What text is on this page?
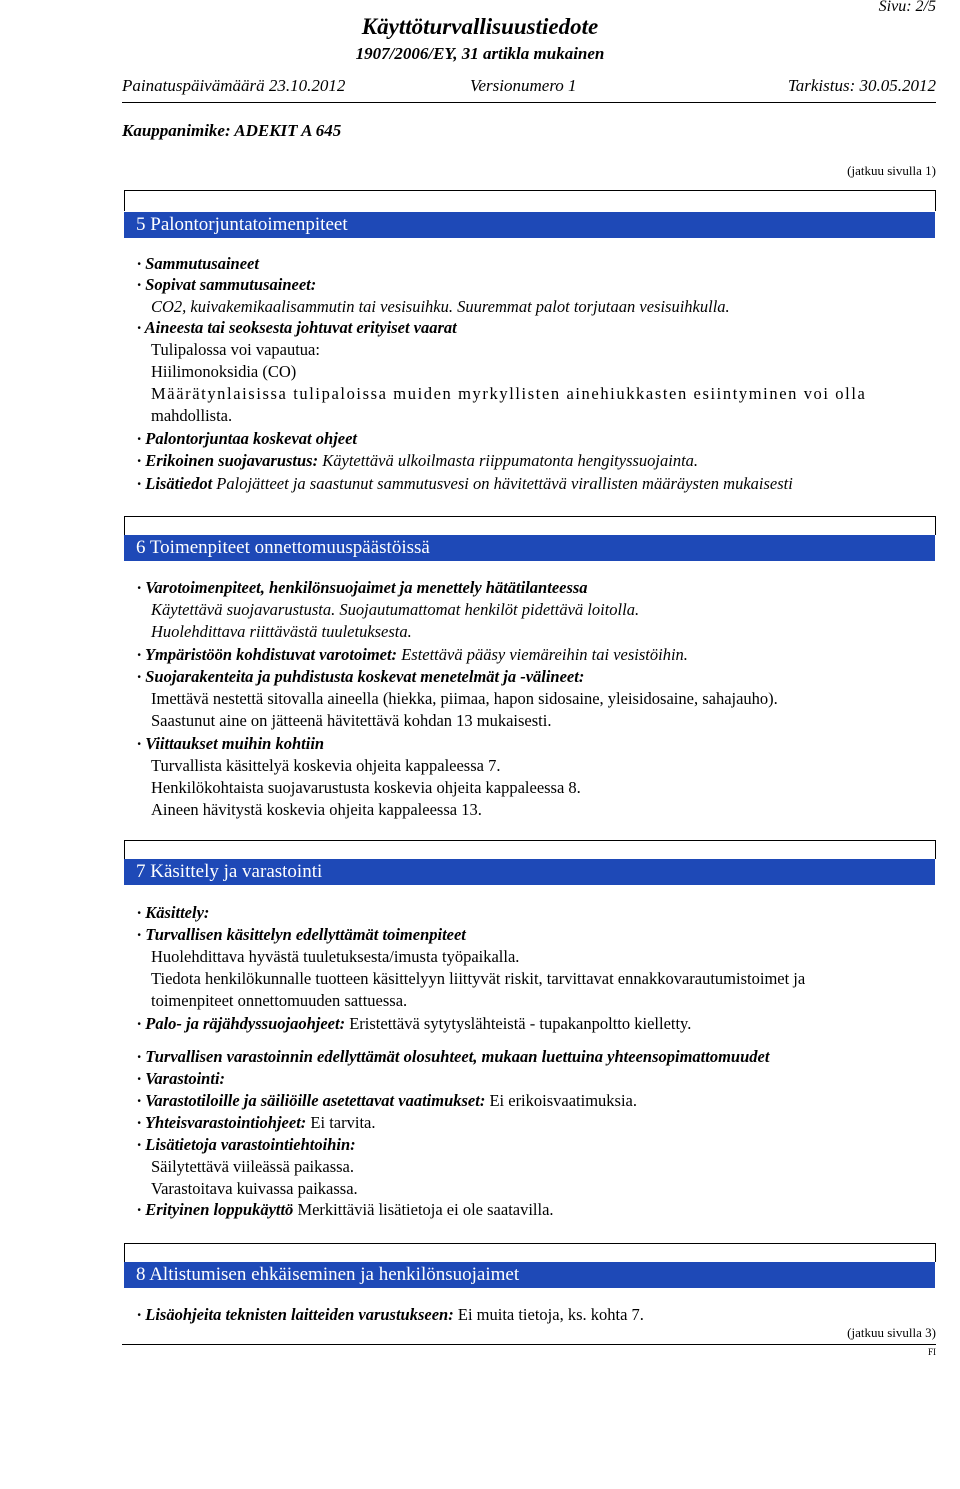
Sivu: 2/5
Käyttöturvallisuustiedote
1907/2006/EY, 31 artikla mukainen
Painatuspäivämäärä 23.10.2012	Versionumero 1	Tarkistus: 30.05.2012
Kauppanimike: ADEKIT A 645
(jatkuu sivulla 1)
5 Palontorjuntatoimenpiteet
· Sammutusaineet
· Sopivat sammutusaineet:
CO2, kuivakemikaalisammutin tai vesisuihku. Suuremmat palot torjutaan vesisuihkulla.
· Aineesta tai seoksesta johtuvat erityiset vaarat
Tulipalossa voi vapautua:
Hiilimonoksidia (CO)
Määrätynlaisissa tulipaloissa muiden myrkyllisten ainehiukkasten esiintyminen voi olla
mahdollista.
· Palontorjuntaa koskevat ohjeet
· Erikoinen suojavarustus: Käytettävä ulkoilmasta riippumatonta hengityssuojainta.
· Lisätiedot Palojätteet ja saastunut sammutusvesi on hävitettävä virallisten määräysten mukaisesti
6 Toimenpiteet onnettomuuspäästöissä
· Varotoimenpiteet, henkilönsuojaimet ja menettely hätätilanteessa
Käytettävä suojavarustusta. Suojautumattomat henkilöt pidettävä loitolla.
Huolehdittava riittävästä tuuletuksesta.
· Ympäristöön kohdistuvat varotoimet: Estettävä pääsy viemäreihin tai vesistöihin.
· Suojarakenteita ja puhdistusta koskevat menetelmät ja -välineet:
Imettävä nestettä sitovalla aineella (hiekka, piimaa, hapon sidosaine, yleisidosaine, sahajauho).
Saastunut aine on jätteenä hävitettävä kohdan 13 mukaisesti.
· Viittaukset muihin kohtiin
Turvallista käsittelyä koskevia ohjeita kappaleessa 7.
Henkilökohtaista suojavarustusta koskevia ohjeita kappaleessa 8.
Aineen hävitystä koskevia ohjeita kappaleessa 13.
7 Käsittely ja varastointi
· Käsittely:
· Turvallisen käsittelyn edellyttämät toimenpiteet
Huolehdittava hyvästä tuuletuksesta/imusta työpaikalla.
Tiedota henkilökunnalle tuotteen käsittelyyn liittyvät riskit, tarvittavat ennakkovarautumistoimet ja
toimenpiteet onnettomuuden sattuessa.
· Palo- ja räjähdyssuojaohjeet: Eristettävä sytytyslähteistä - tupakanpoltto kielletty.
· Turvallisen varastoinnin edellyttämät olosuhteet, mukaan luettuina yhteensopimattomuudet
· Varastointi:
· Varastotiloille ja säiliöille asetettavat vaatimukset: Ei erikoisvaatimuksia.
· Yhteisvarastointiohjeet: Ei tarvita.
· Lisätietoja varastointiehtoihin:
Säilytettävä viileässä paikassa.
Varastoitava kuivassa paikassa.
· Erityinen loppukäyttö Merkittäviä lisätietoja ei ole saatavilla.
8 Altistumisen ehkäiseminen ja henkilönsuojaimet
· Lisäohjeita teknisten laitteiden varustukseen: Ei muita tietoja, ks. kohta 7.
(jatkuu sivulla 3)
FI
